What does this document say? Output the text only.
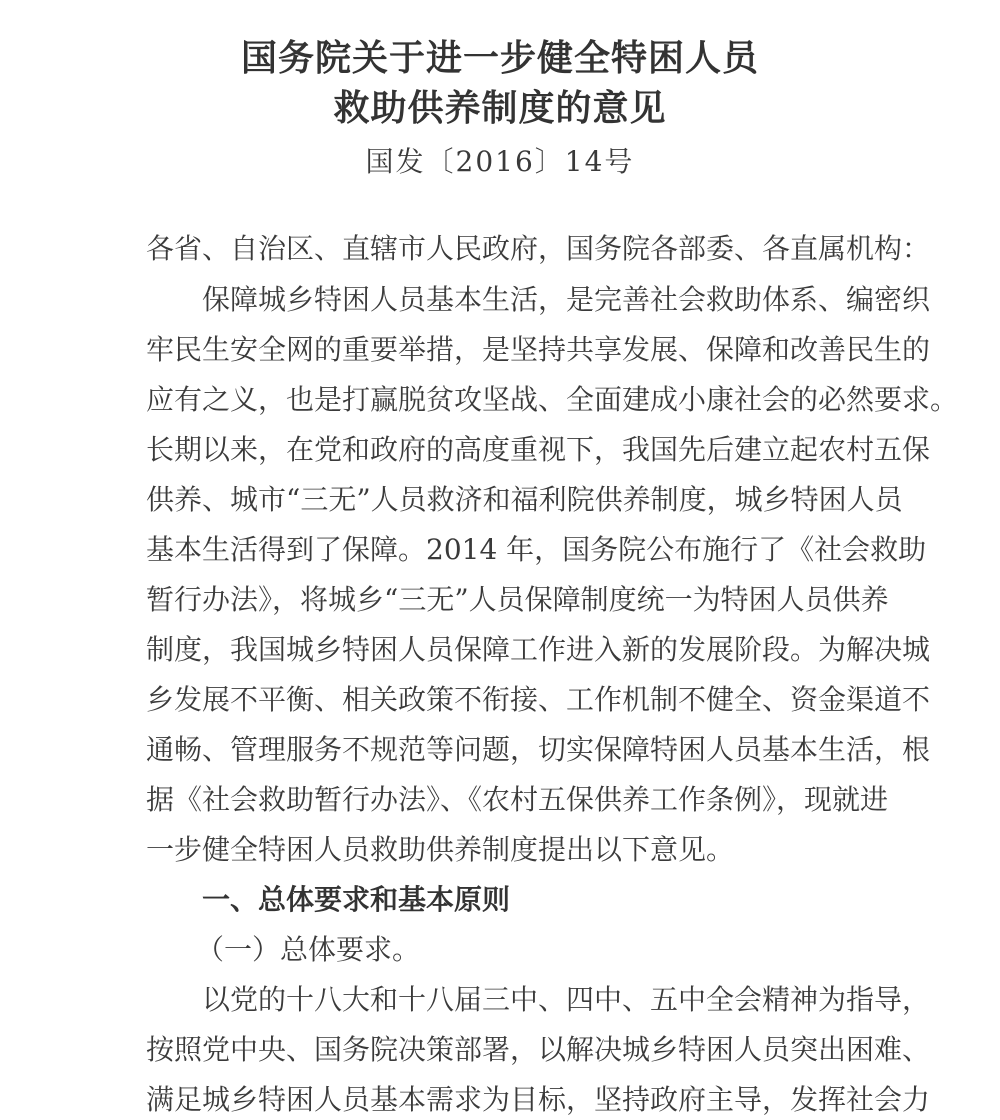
国务院关于进一步健全特困人员
救助供养制度的意见
国发〔2016〕14号
各省、自治区、直辖市人民政府，国务院各部委、各直属机构：
保障城乡特困人员基本生活，是完善社会救助体系、编密织
牢民生安全网的重要举措，是坚持共享发展、保障和改善民生的
应有之义，也是打赢脱贫攻坚战、全面建成小康社会的必然要求。
长期以来，在党和政府的高度重视下，我国先后建立起农村五保
供养、城市“三无”人员救济和福利院供养制度，城乡特困人员
基本生活得到了保障。2014 年，国务院公布施行了《社会救助
暂行办法》，将城乡“三无”人员保障制度统一为特困人员供养
制度，我国城乡特困人员保障工作进入新的发展阶段。为解决城
乡发展不平衡、相关政策不衔接、工作机制不健全、资金渠道不
通畅、管理服务不规范等问题，切实保障特困人员基本生活，根
据《社会救助暂行办法》、《农村五保供养工作条例》，现就进
一步健全特困人员救助供养制度提出以下意见。
一、总体要求和基本原则
（一）总体要求。
以党的十八大和十八届三中、四中、五中全会精神为指导，
按照党中央、国务院决策部署，以解决城乡特困人员突出困难、
满足城乡特困人员基本需求为目标，坚持政府主导，发挥社会力
